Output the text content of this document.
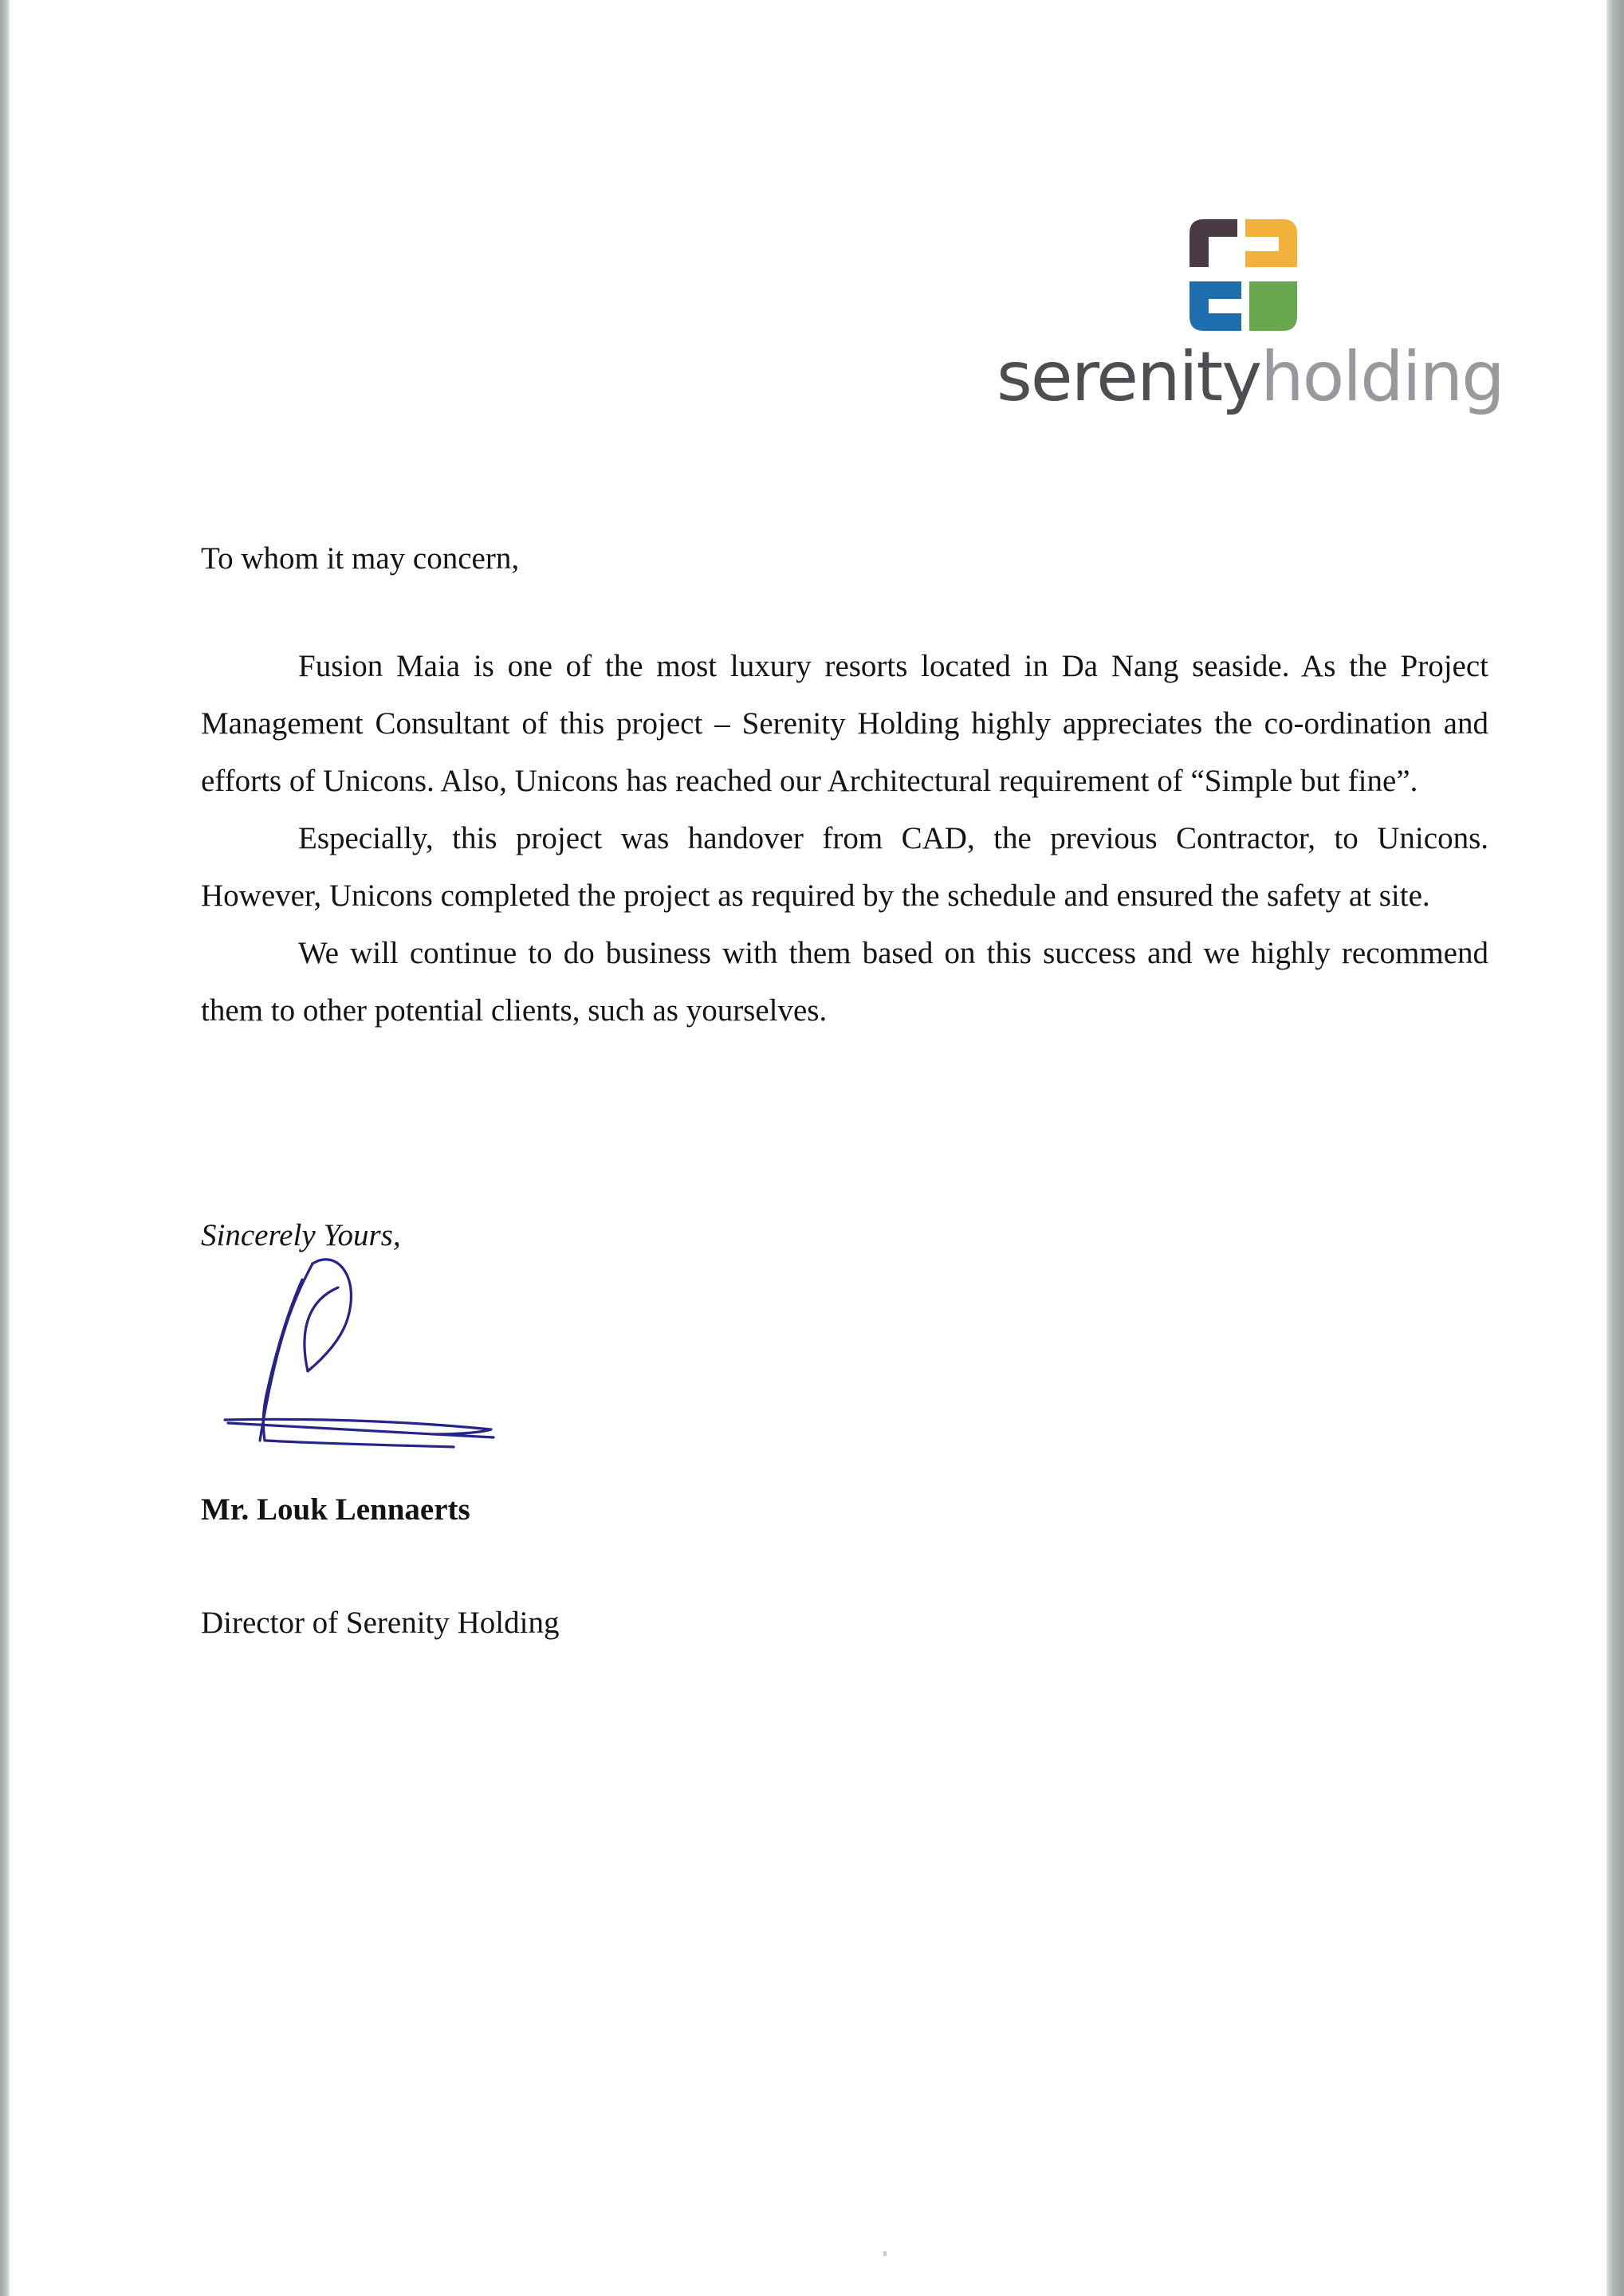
serenityholding
To whom it may concern,

Fusion Maia is one of the most luxury resorts located in Da Nang seaside. As the Project Management Consultant of this project – Serenity Holding highly appreciates the co-ordination and efforts of Unicons. Also, Unicons has reached our Architectural requirement of “Simple but fine”.

Especially, this project was handover from CAD, the previous Contractor, to Unicons. However, Unicons completed the project as required by the schedule and ensured the safety at site.

We will continue to do business with them based on this success and we highly recommend them to other potential clients, such as yourselves.

Sincerely Yours,
Mr. Louk Lennaerts
Director of Serenity Holding
